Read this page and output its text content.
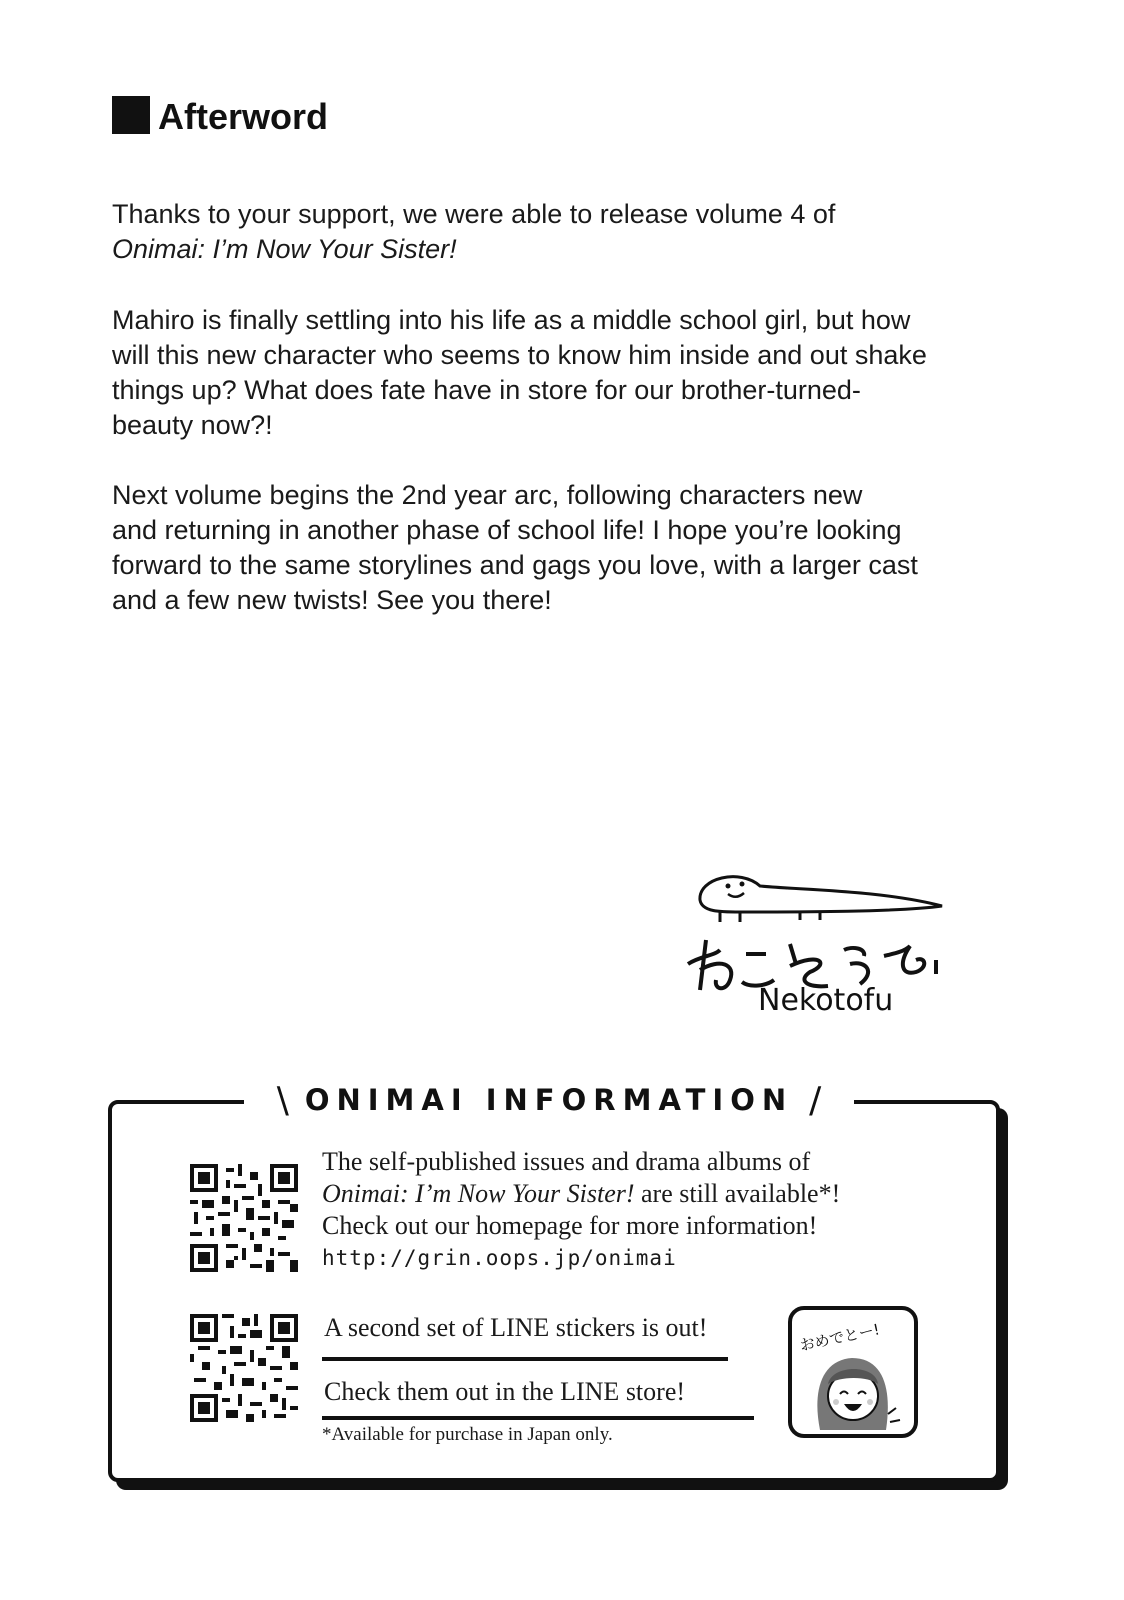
Afterword
Thanks to your support, we were able to release volume 4 of
Onimai: I’m Now Your Sister!
Mahiro is finally settling into his life as a middle school girl, but how
will this new character who seems to know him inside and out shake
things up? What does fate have in store for our brother-turned-
beauty now?!
Next volume begins the 2nd year arc, following characters new
and returning in another phase of school life! I hope you’re looking
forward to the same storylines and gags you love, with a larger cast
and a few new twists! See you there!
Nekotofu
\ ONIMAI INFORMATION /
The self-published issues and drama albums of
Onimai: I’m Now Your Sister! are still available*!
Check out our homepage for more information!
http://grin.oops.jp/onimai
A second set of LINE stickers is out!
Check them out in the LINE store!
*Available for purchase in Japan only.
おめでとー!
